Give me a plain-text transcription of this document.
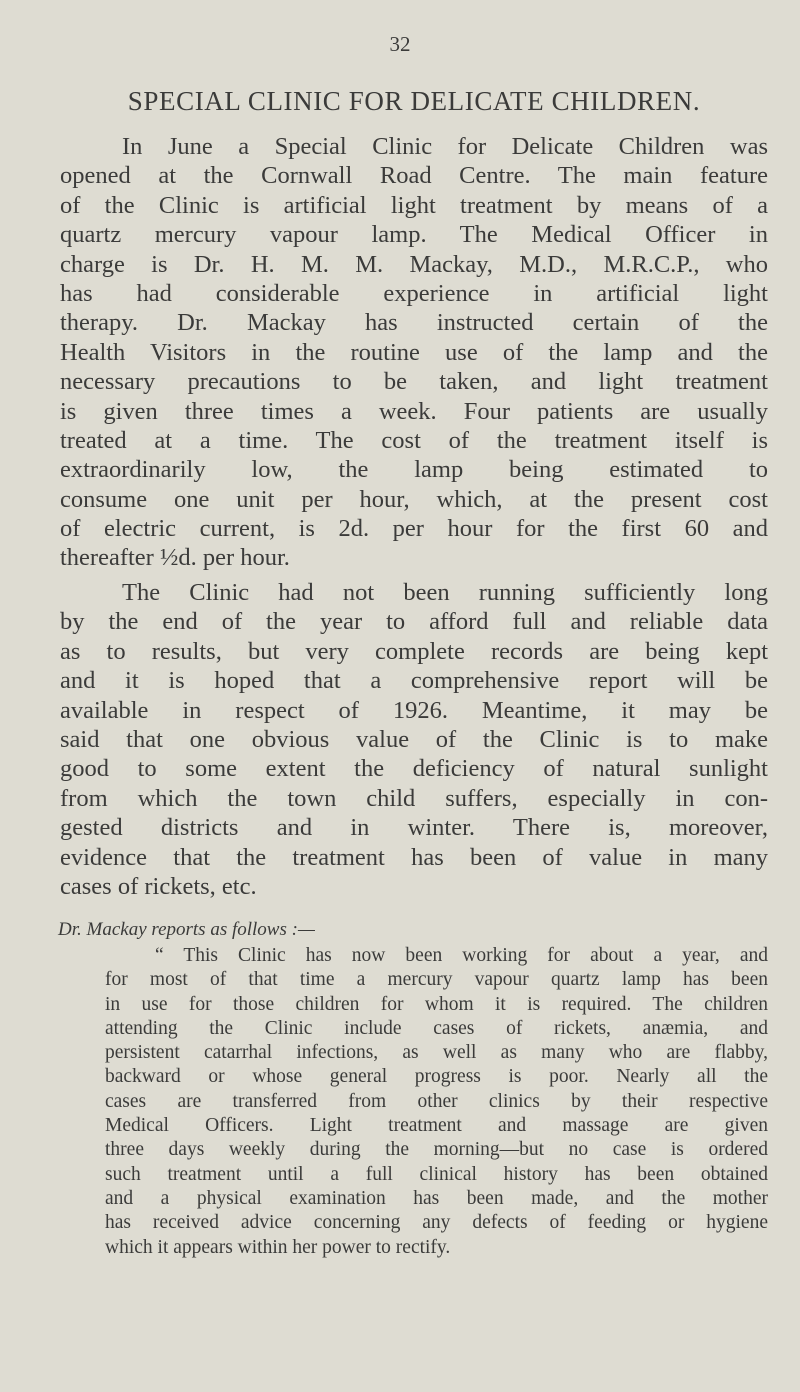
32
SPECIAL CLINIC FOR DELICATE CHILDREN.
In June a Special Clinic for Delicate Children was
opened at the Cornwall Road Centre. The main feature
of the Clinic is artificial light treatment by means of a
quartz mercury vapour lamp. The Medical Officer in
charge is Dr. H. M. M. Mackay, M.D., M.R.C.P., who
has had considerable experience in artificial light
therapy. Dr. Mackay has instructed certain of the
Health Visitors in the routine use of the lamp and the
necessary precautions to be taken, and light treatment
is given three times a week. Four patients are usually
treated at a time. The cost of the treatment itself is
extraordinarily low, the lamp being estimated to
consume one unit per hour, which, at the present cost
of electric current, is 2d. per hour for the first 60 and
thereafter ½d. per hour.
The Clinic had not been running sufficiently long
by the end of the year to afford full and reliable data
as to results, but very complete records are being kept
and it is hoped that a comprehensive report will be
available in respect of 1926. Meantime, it may be
said that one obvious value of the Clinic is to make
good to some extent the deficiency of natural sunlight
from which the town child suffers, especially in con-
gested districts and in winter. There is, moreover,
evidence that the treatment has been of value in many
cases of rickets, etc.
Dr. Mackay reports as follows :—
“ This Clinic has now been working for about a year, and
for most of that time a mercury vapour quartz lamp has been
in use for those children for whom it is required. The children
attending the Clinic include cases of rickets, anæmia, and
persistent catarrhal infections, as well as many who are flabby,
backward or whose general progress is poor. Nearly all the
cases are transferred from other clinics by their respective
Medical Officers. Light treatment and massage are given
three days weekly during the morning—but no case is ordered
such treatment until a full clinical history has been obtained
and a physical examination has been made, and the mother
has received advice concerning any defects of feeding or hygiene
which it appears within her power to rectify.
